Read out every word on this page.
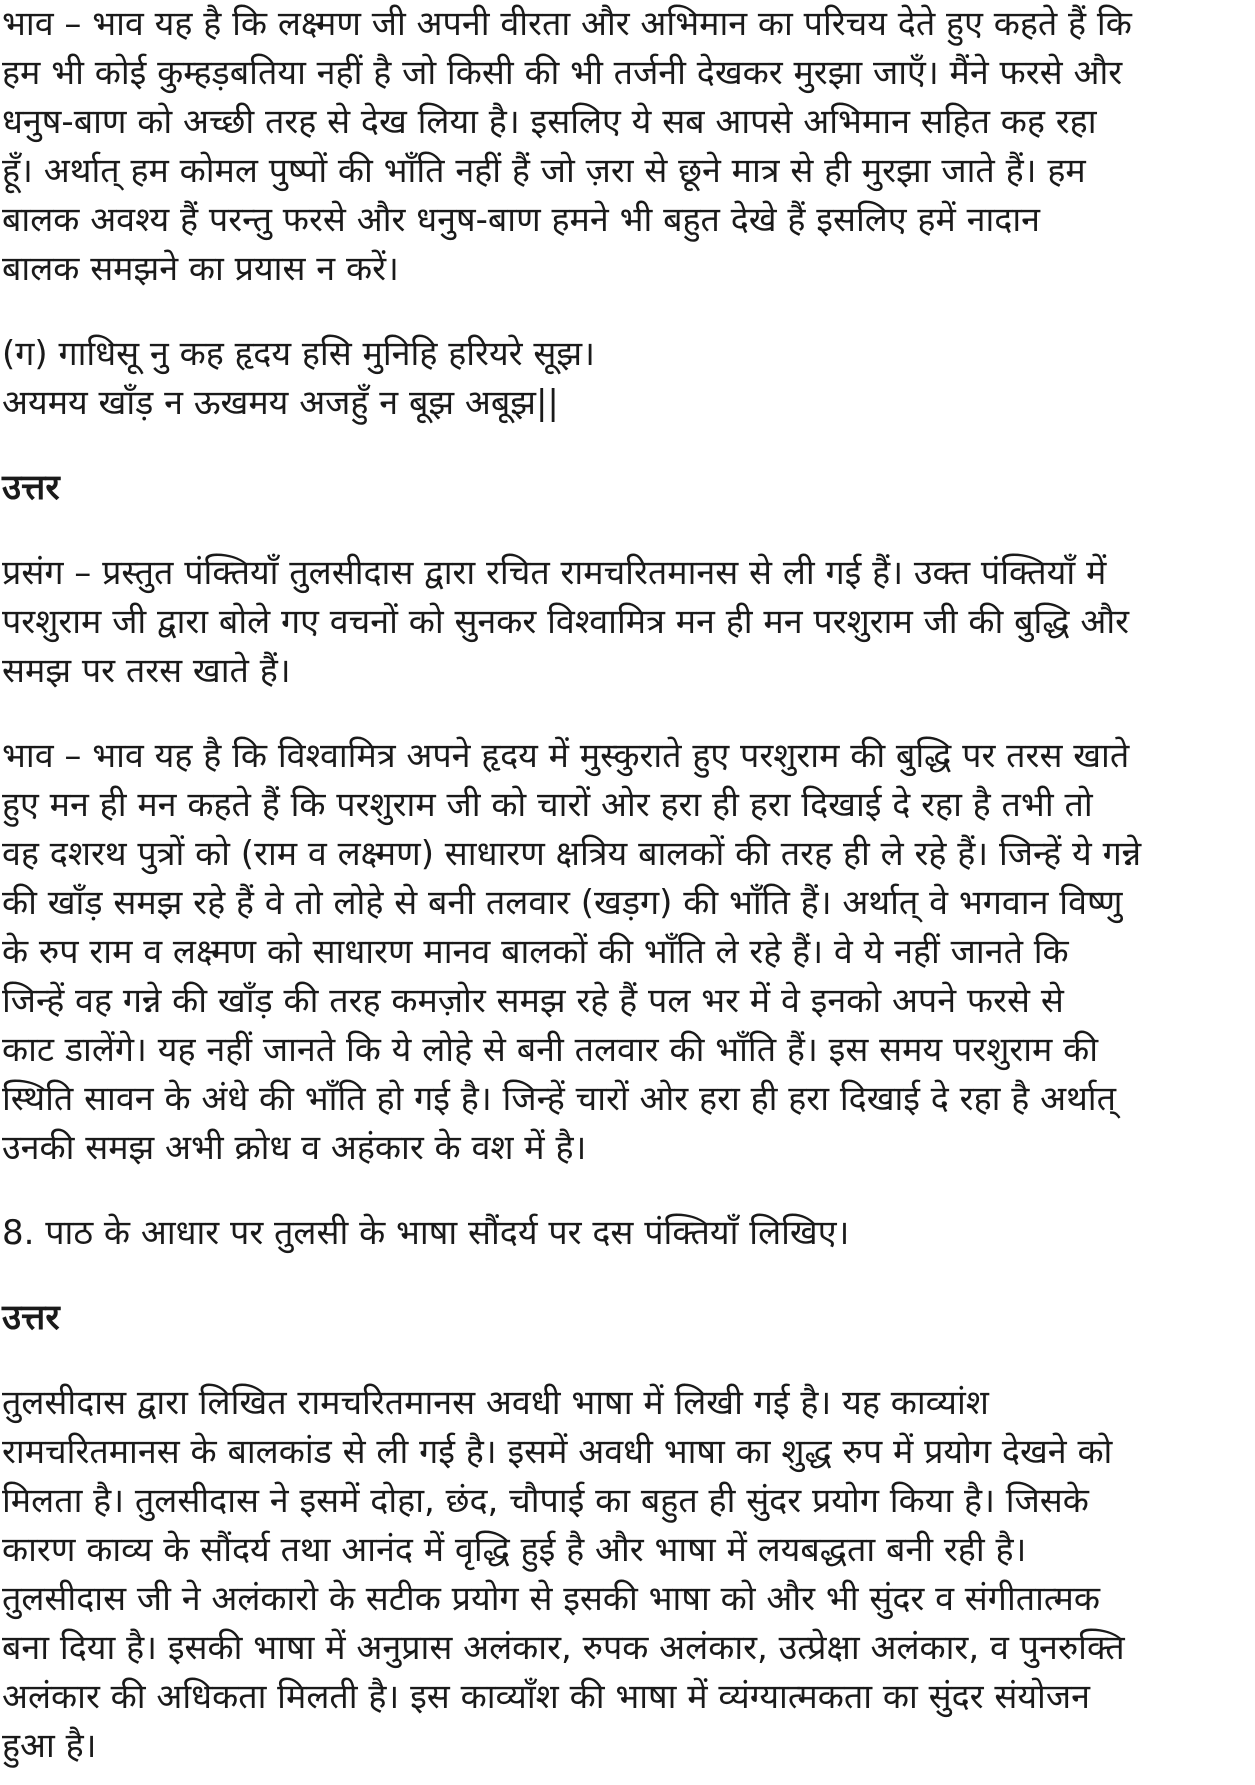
भाव – भाव यह है कि लक्ष्मण जी अपनी वीरता और अभिमान का परिचय देते हुए कहते हैं कि
हम भी कोई कुम्हड़बतिया नहीं है जो किसी की भी तर्जनी देखकर मुरझा जाएँ। मैंने फरसे और
धनुष-बाण को अच्छी तरह से देख लिया है। इसलिए ये सब आपसे अभिमान सहित कह रहा
हूँ। अर्थात् हम कोमल पुष्पों की भाँति नहीं हैं जो ज़रा से छूने मात्र से ही मुरझा जाते हैं। हम
बालक अवश्य हैं परन्तु फरसे और धनुष-बाण हमने भी बहुत देखे हैं इसलिए हमें नादान
बालक समझने का प्रयास न करें।

(ग) गाधिसू नु कह हृदय हसि मुनिहि हरियरे सूझ।
अयमय खाँड़ न ऊखमय अजहुँ न बूझ अबूझ||

उत्तर

प्रसंग – प्रस्तुत पंक्तियाँ तुलसीदास द्वारा रचित रामचरितमानस से ली गई हैं। उक्त पंक्तियाँ में
परशुराम जी द्वारा बोले गए वचनों को सुनकर विश्वामित्र मन ही मन परशुराम जी की बुद्धि और
समझ पर तरस खाते हैं।

भाव – भाव यह है कि विश्वामित्र अपने हृदय में मुस्कुराते हुए परशुराम की बुद्धि पर तरस खाते
हुए मन ही मन कहते हैं कि परशुराम जी को चारों ओर हरा ही हरा दिखाई दे रहा है तभी तो
वह दशरथ पुत्रों को (राम व लक्ष्मण) साधारण क्षत्रिय बालकों की तरह ही ले रहे हैं। जिन्हें ये गन्ने
की खाँड़ समझ रहे हैं वे तो लोहे से बनी तलवार (खड़ग) की भाँति हैं। अर्थात् वे भगवान विष्णु
के रुप राम व लक्ष्मण को साधारण मानव बालकों की भाँति ले रहे हैं। वे ये नहीं जानते कि
जिन्हें वह गन्ने की खाँड़ की तरह कमज़ोर समझ रहे हैं पल भर में वे इनको अपने फरसे से
काट डालेंगे। यह नहीं जानते कि ये लोहे से बनी तलवार की भाँति हैं। इस समय परशुराम की
स्थिति सावन के अंधे की भाँति हो गई है। जिन्हें चारों ओर हरा ही हरा दिखाई दे रहा है अर्थात्
उनकी समझ अभी क्रोध व अहंकार के वश में है।

8. पाठ के आधार पर तुलसी के भाषा सौंदर्य पर दस पंक्तियाँ लिखिए।

उत्तर

तुलसीदास द्वारा लिखित रामचरितमानस अवधी भाषा में लिखी गई है। यह काव्यांश
रामचरितमानस के बालकांड से ली गई है। इसमें अवधी भाषा का शुद्ध रुप में प्रयोग देखने को
मिलता है। तुलसीदास ने इसमें दोहा, छंद, चौपाई का बहुत ही सुंदर प्रयोग किया है। जिसके
कारण काव्य के सौंदर्य तथा आनंद में वृद्धि हुई है और भाषा में लयबद्धता बनी रही है।
तुलसीदास जी ने अलंकारो के सटीक प्रयोग से इसकी भाषा को और भी सुंदर व संगीतात्मक
बना दिया है। इसकी भाषा में अनुप्रास अलंकार, रुपक अलंकार, उत्प्रेक्षा अलंकार, व पुनरुक्ति
अलंकार की अधिकता मिलती है। इस काव्याँश की भाषा में व्यंग्यात्मकता का सुंदर संयोजन
हुआ है।
